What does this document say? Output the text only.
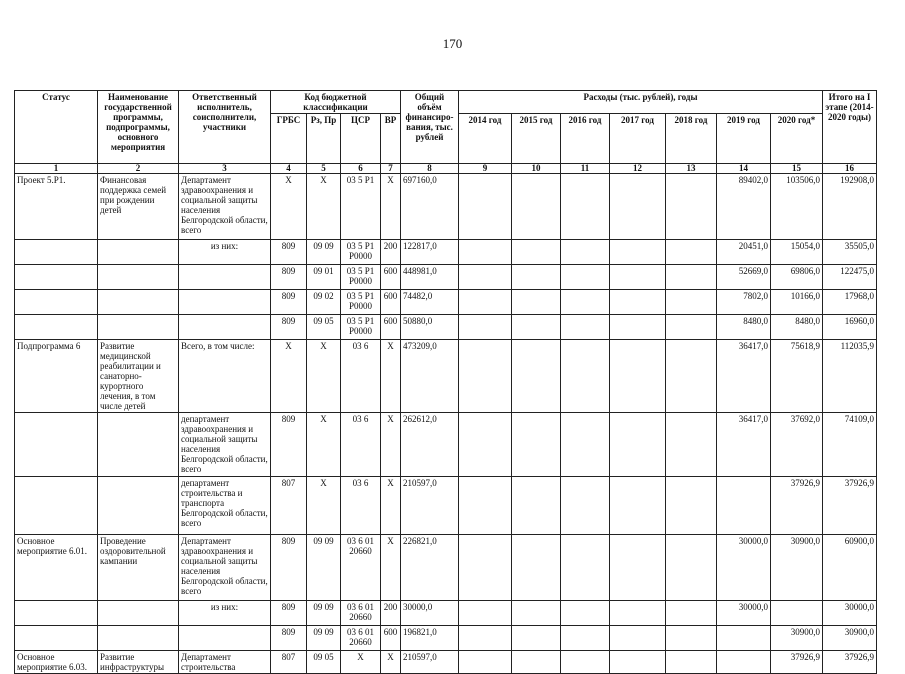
170
Статус	Наименование государственной программы, подпрограммы, основного мероприятия	Ответственный исполнитель, соисполнители, участники	Код бюджетной классификации				Общий объём финансиро-вания, тыс. рублей	Расходы (тыс. рублей), годы							Итого на I этапе (2014-2020 годы)
			ГРБС	Рз, Пр	ЦСР	ВР		2014 год	2015 год	2016 год	2017 год	2018 год	2019 год	2020 год*	
1	2	3	4	5	6	7	8	9	10	11	12	13	14	15	16
Проект 5.Р1.	Финансовая поддержка семей при рождении детей	Департамент здравоохранения и социальной защиты населения Белгородской области, всего	Х	Х	03 5 Р1	Х	697160,0						89402,0	103506,0	192908,0
		из них:	809	09 09	03 5 Р1 Р0000	200	122817,0						20451,0	15054,0	35505,0
			809	09 01	03 5 Р1 Р0000	600	448981,0						52669,0	69806,0	122475,0
			809	09 02	03 5 Р1 Р0000	600	74482,0						7802,0	10166,0	17968,0
			809	09 05	03 5 Р1 Р0000	600	50880,0						8480,0	8480,0	16960,0
Подпрограмма 6	Развитие медицинской реабилитации и санаторно-курортного лечения, в том числе детей	Всего, в том числе:	Х	Х	03 6	Х	473209,0						36417,0	75618,9	112035,9
		департамент здравоохранения и социальной защиты населения Белгородской области, всего	809	Х	03 6	Х	262612,0						36417,0	37692,0	74109,0
		департамент строительства и транспорта Белгородской области, всего	807	Х	03 6	Х	210597,0							37926,9	37926,9
Основное мероприятие 6.01.	Проведение оздоровительной кампании	Департамент здравоохранения и социальной защиты населения Белгородской области, всего	809	09 09	03 6 01 20660	Х	226821,0						30000,0	30900,0	60900,0
		из них:	809	09 09	03 6 01 20660	200	30000,0						30000,0		30000,0
			809	09 09	03 6 01 20660	600	196821,0							30900,0	30900,0
Основное мероприятие 6.03.	Развитие инфраструктуры	Департамент строительства	807	09 05	Х	Х	210597,0							37926,9	37926,9
